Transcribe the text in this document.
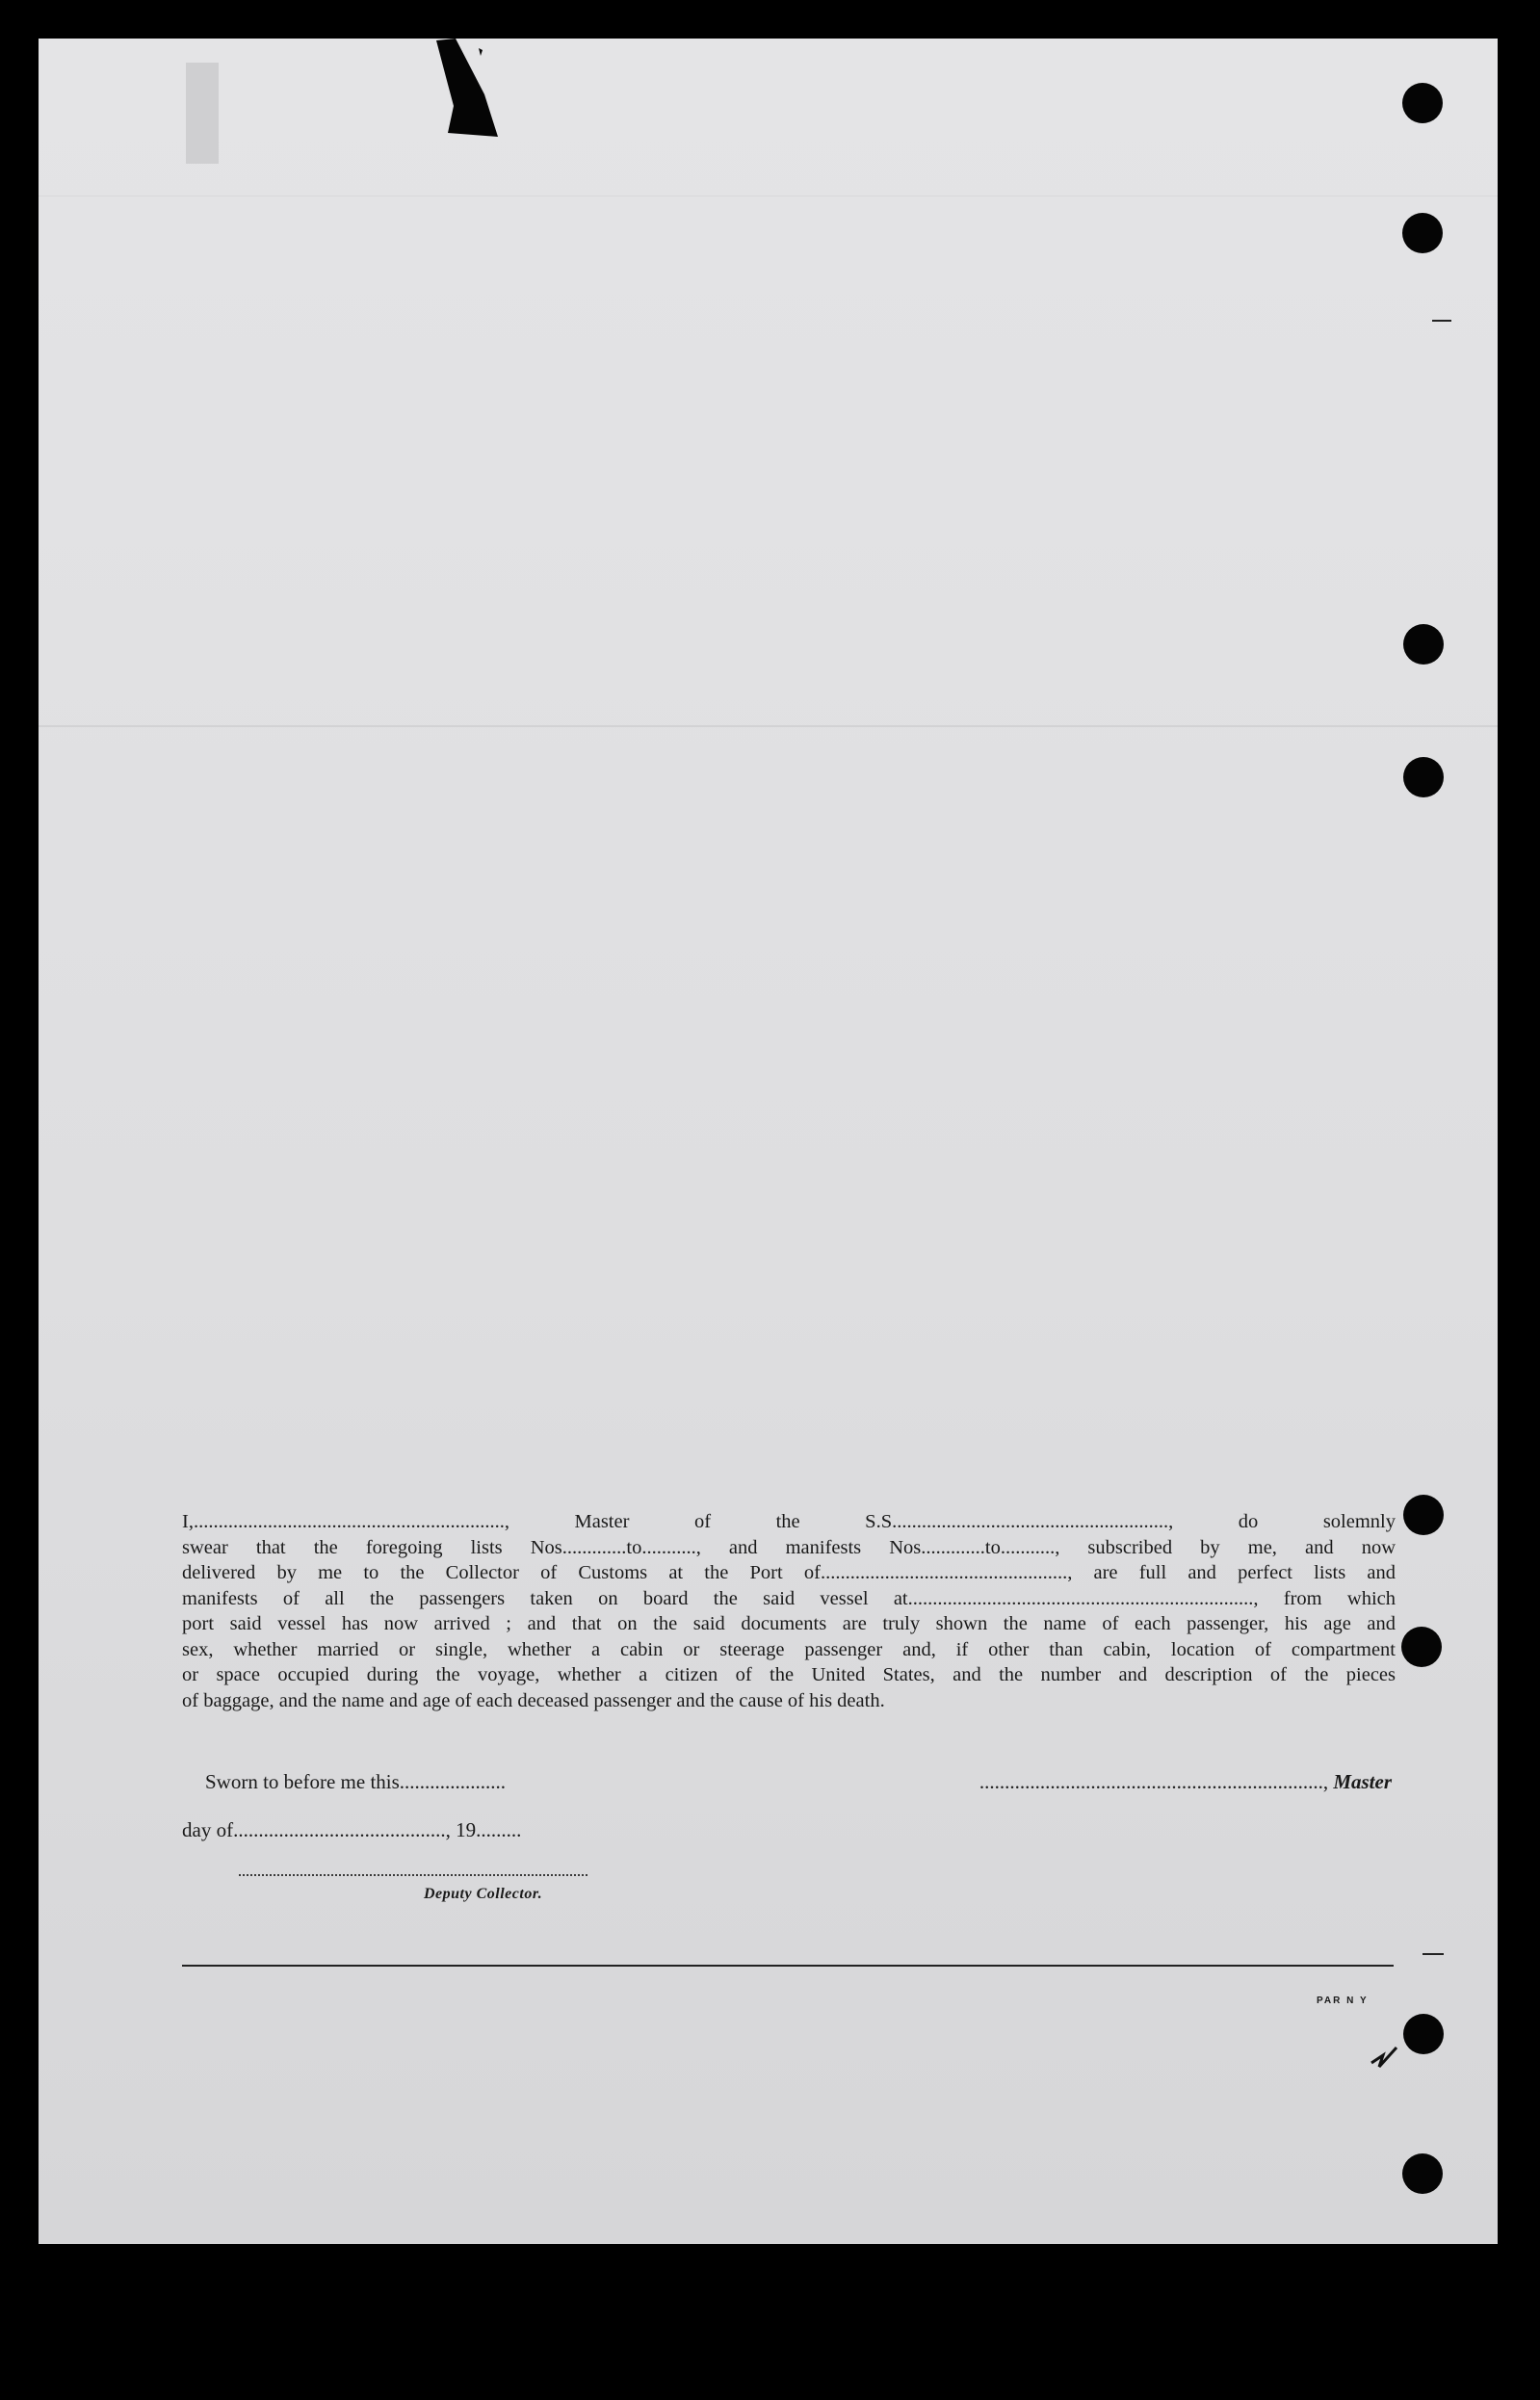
I,..............................................................., Master of the S.S........................................................, do solemnly
swear that the foregoing lists Nos.............to..........., and manifests Nos.............to..........., subscribed by me, and now
delivered by me to the Collector of Customs at the Port of.................................................., are full and perfect lists and
manifests of all the passengers taken on board the said vessel at......................................................................, from which
port said vessel has now arrived ; and that on the said documents are truly shown the name of each passenger, his age and
sex, whether married or single, whether a cabin or steerage passenger and, if other than cabin, location of compartment
or space occupied during the voyage, whether a citizen of the United States, and the number and description of the pieces
of baggage, and the name and age of each deceased passenger and the cause of his death.
Sworn to before me this.....................	...................................................................., Master
day of.........................................., 19.........
Deputy Collector.
PAR N Y
